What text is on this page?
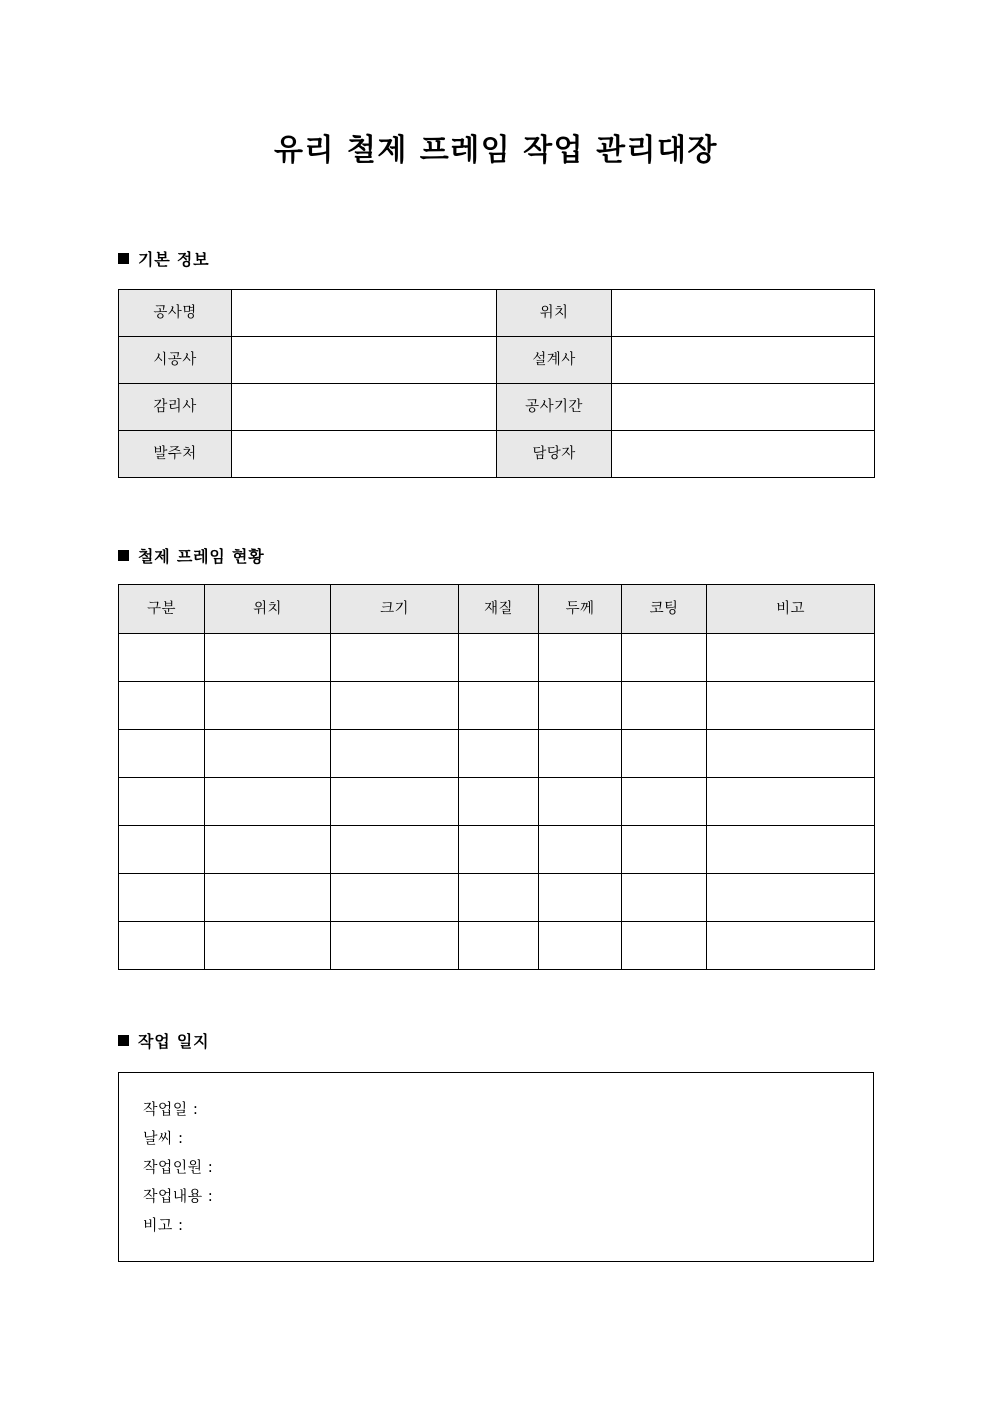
유리 철제 프레임 작업 관리대장
기본 정보
공사명		위치	
시공사		설계사	
감리사		공사기간	
발주처		담당자	
철제 프레임 현황
구분	위치	크기	재질	두께	코팅	비고

작업 일지
작업일 :
날씨 :
작업인원 :
작업내용 :
비고 :
